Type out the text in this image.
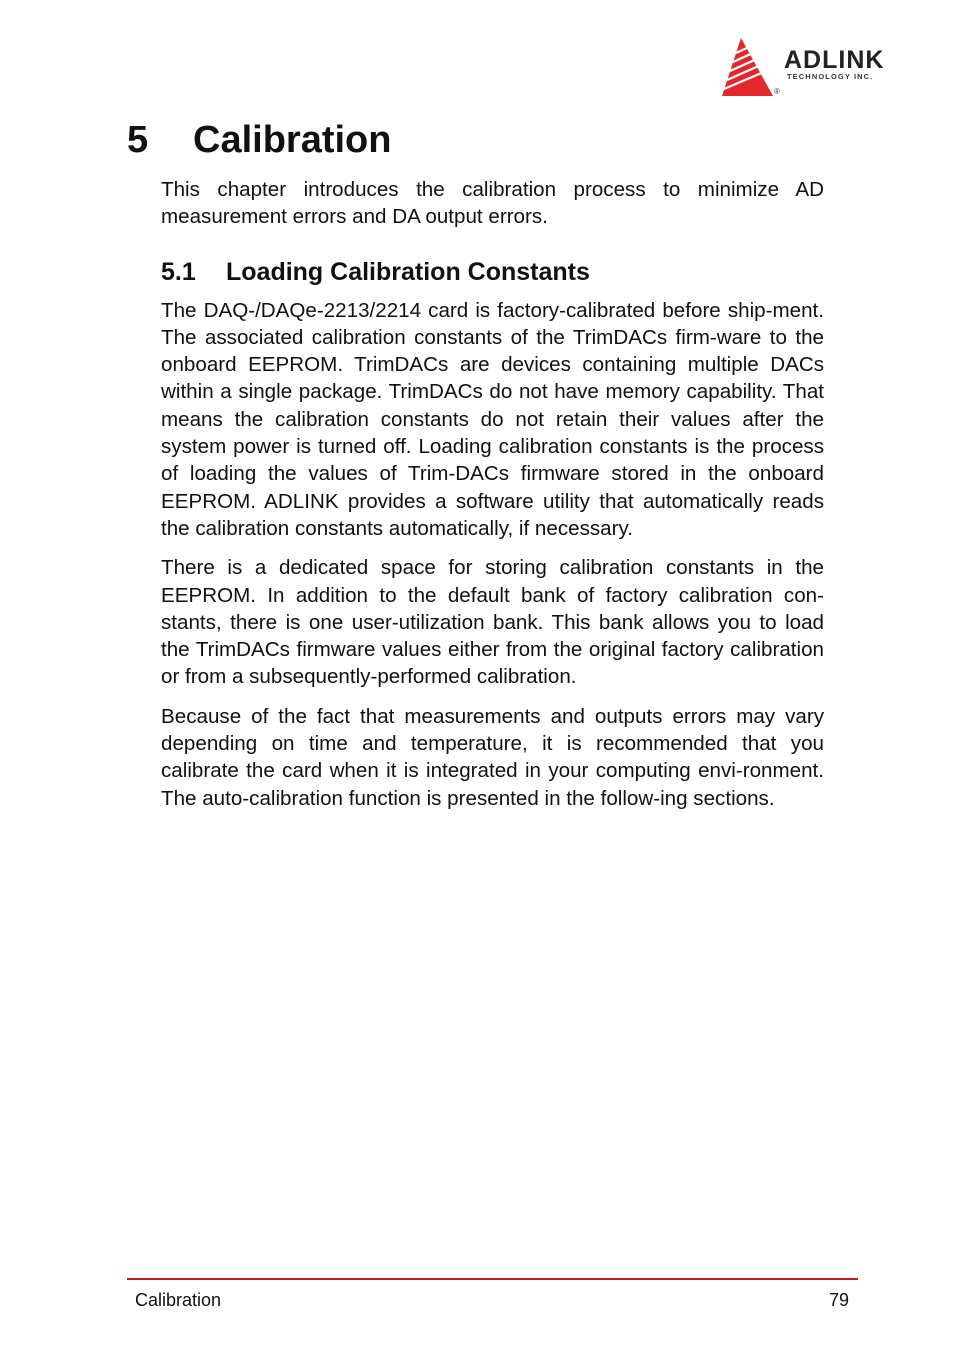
ADLINK
TECHNOLOGY INC.
®
5 Calibration

This chapter introduces the calibration process to minimize AD measurement errors and DA output errors.

5.1 Loading Calibration Constants

The DAQ-/DAQe-2213/2214 card is factory-calibrated before ship-ment. The associated calibration constants of the TrimDACs firm-ware to the onboard EEPROM. TrimDACs are devices containing multiple DACs within a single package. TrimDACs do not have memory capability. That means the calibration constants do not retain their values after the system power is turned off. Loading calibration constants is the process of loading the values of Trim-DACs firmware stored in the onboard EEPROM. ADLINK provides a software utility that automatically reads the calibration constants automatically, if necessary.

There is a dedicated space for storing calibration constants in the EEPROM. In addition to the default bank of factory calibration con-stants, there is one user-utilization bank. This bank allows you to load the TrimDACs firmware values either from the original factory calibration or from a subsequently-performed calibration.

Because of the fact that measurements and outputs errors may vary depending on time and temperature, it is recommended that you calibrate the card when it is integrated in your computing envi-ronment. The auto-calibration function is presented in the follow-ing sections.

Calibration	79
